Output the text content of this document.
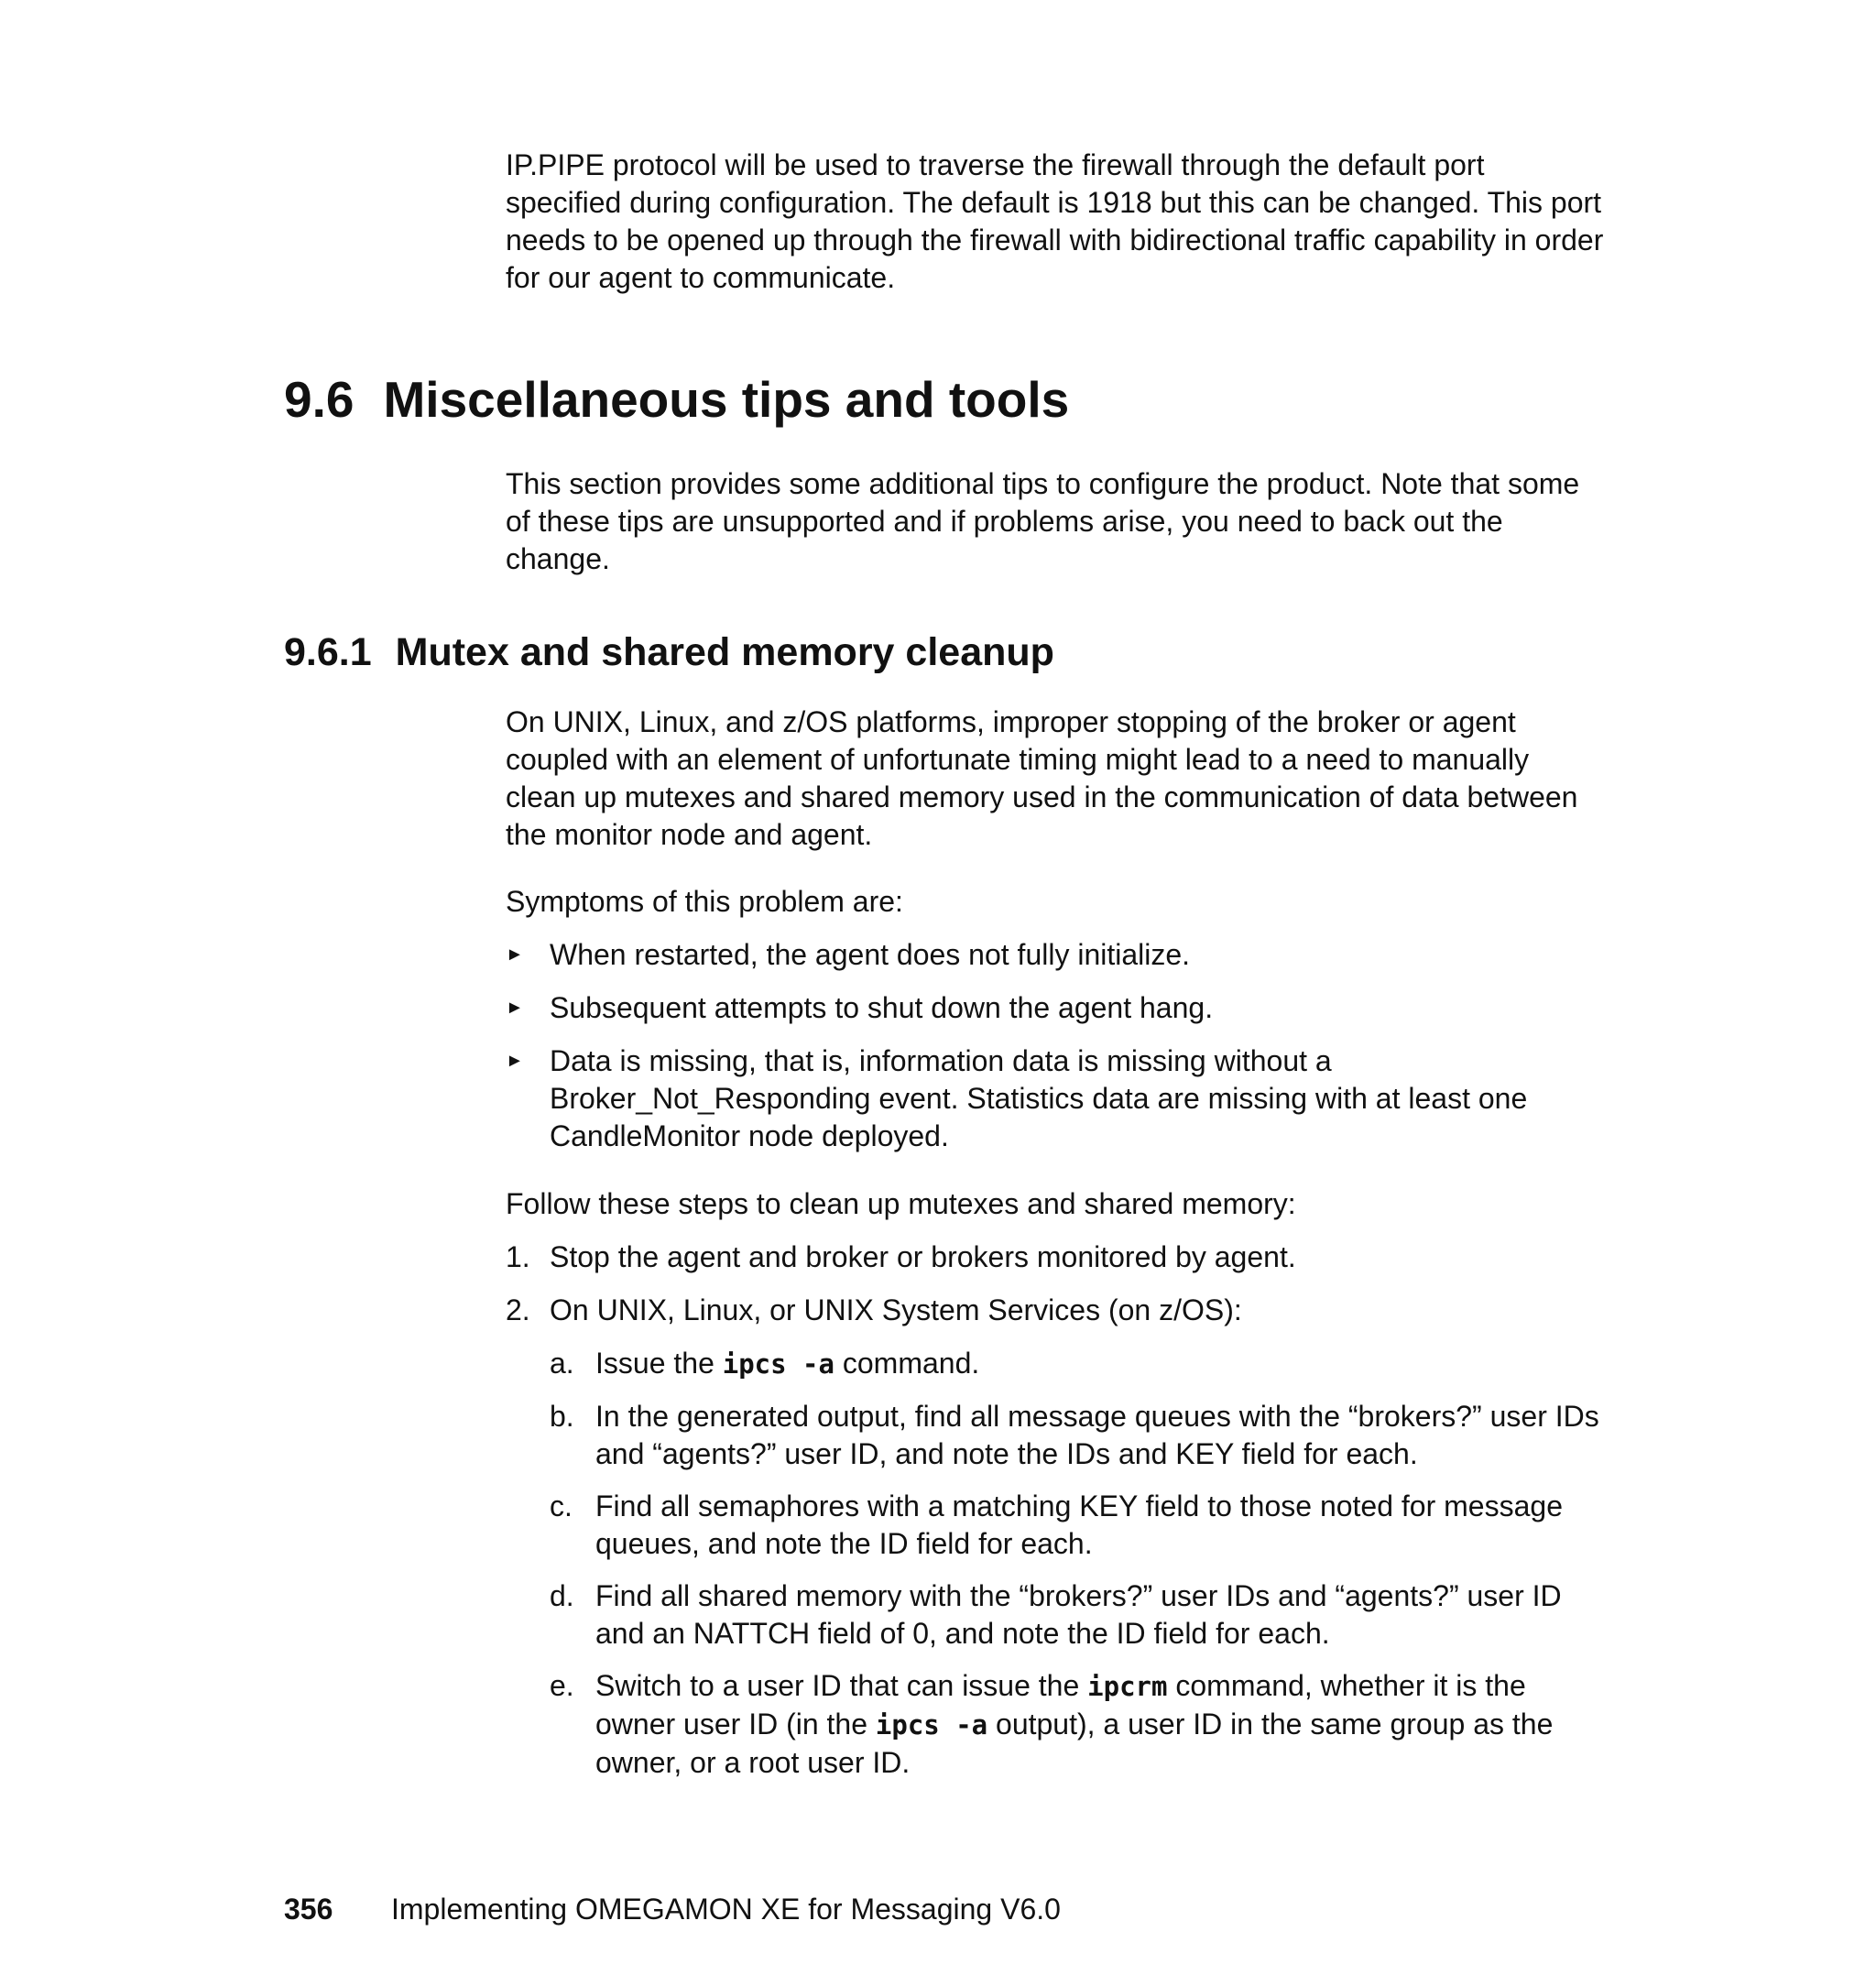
IP.PIPE protocol will be used to traverse the firewall through the default port specified during configuration. The default is 1918 but this can be changed. This port needs to be opened up through the firewall with bidirectional traffic capability in order for our agent to communicate.

9.6 Miscellaneous tips and tools

This section provides some additional tips to configure the product. Note that some of these tips are unsupported and if problems arise, you need to back out the change.

9.6.1 Mutex and shared memory cleanup

On UNIX, Linux, and z/OS platforms, improper stopping of the broker or agent coupled with an element of unfortunate timing might lead to a need to manually clean up mutexes and shared memory used in the communication of data between the monitor node and agent.

Symptoms of this problem are:

► When restarted, the agent does not fully initialize.
► Subsequent attempts to shut down the agent hang.
► Data is missing, that is, information data is missing without a Broker_Not_Responding event. Statistics data are missing with at least one CandleMonitor node deployed.

Follow these steps to clean up mutexes and shared memory:

1. Stop the agent and broker or brokers monitored by agent.
2. On UNIX, Linux, or UNIX System Services (on z/OS):
a. Issue the ipcs -a command.
b. In the generated output, find all message queues with the “brokers?” user IDs and “agents?” user ID, and note the IDs and KEY field for each.
c. Find all semaphores with a matching KEY field to those noted for message queues, and note the ID field for each.
d. Find all shared memory with the “brokers?” user IDs and “agents?” user ID and an NATTCH field of 0, and note the ID field for each.
e. Switch to a user ID that can issue the ipcrm command, whether it is the owner user ID (in the ipcs -a output), a user ID in the same group as the owner, or a root user ID.
356 Implementing OMEGAMON XE for Messaging V6.0
